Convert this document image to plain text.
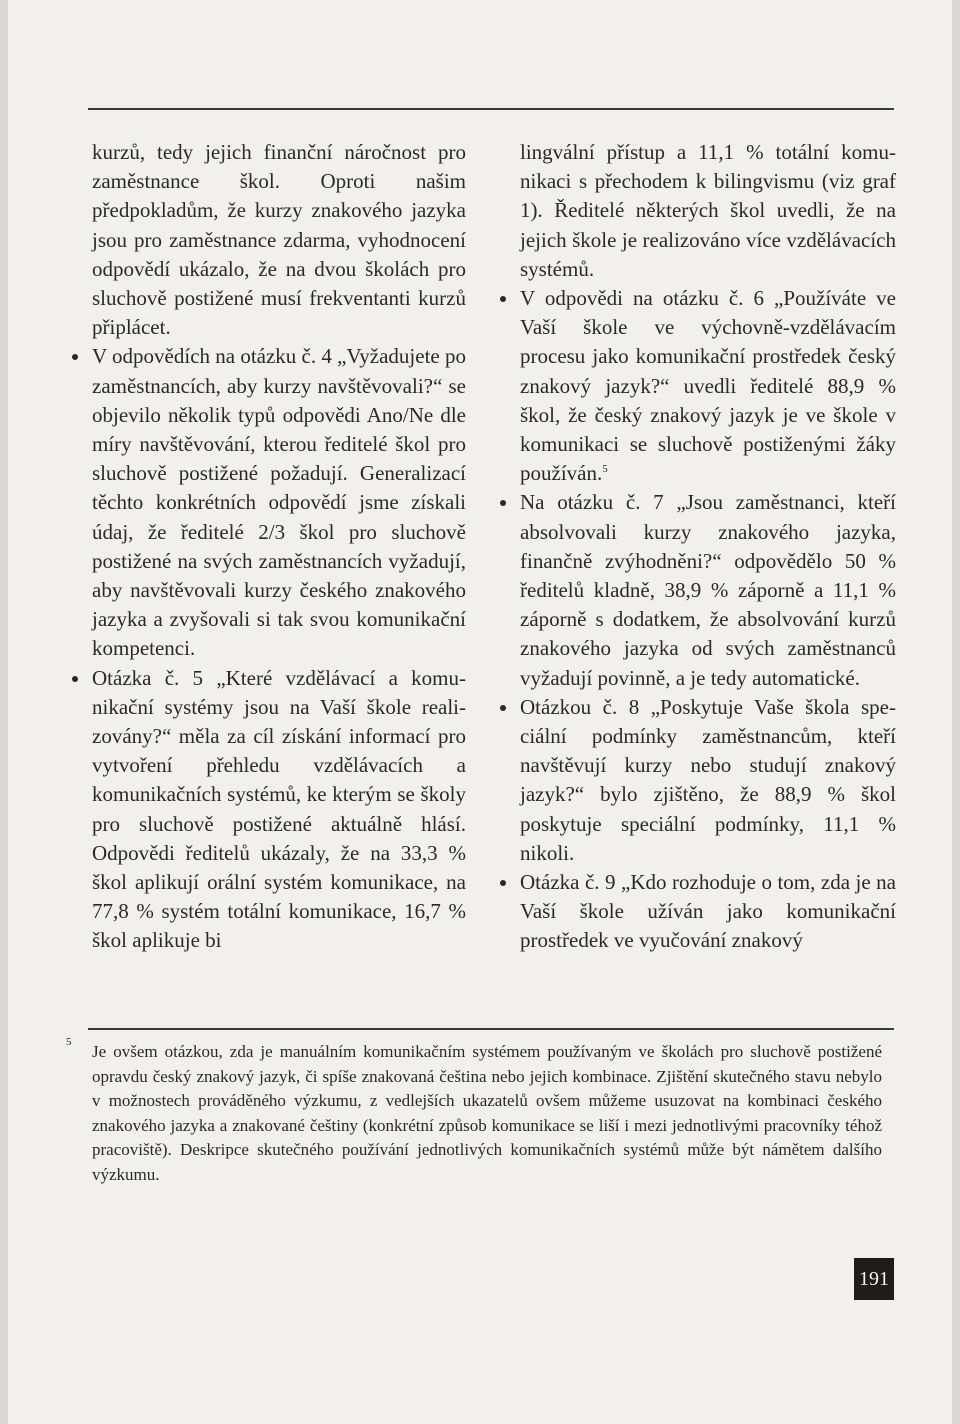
kurzů, tedy jejich finanční náročnost pro zaměstnance škol. Oproti našim předpokladům, že kurzy znakového jazyka jsou pro zaměstnance zdarma, vyhodnocení odpovědí ukázalo, že na dvou školách pro sluchově postižené musí frekventanti kurzů připlácet.

V odpovědích na otázku č. 4 „Vyžadujete po zaměstnancích, aby kurzy navštěvovali?“ se objevilo několik typů odpovědi Ano/Ne dle míry navštěvování, kterou ředitelé škol pro sluchově postižené požadují. Generalizací těchto konkrétních odpovědí jsme získali údaj, že ředitelé 2/3 škol pro sluchově postižené na svých zaměstnancích vyžadují, aby navštěvovali kurzy českého znakového jazyka a zvyšovali si tak svou komunikační kompetenci.
Otázka č. 5 „Které vzdělávací a komunikační systémy jsou na Vaší škole realizovány?“ měla za cíl získání informací pro vytvoření přehledu vzdělávacích a komunikačních systémů, ke kterým se školy pro sluchově postižené aktuálně hlásí. Odpovědi ředitelů ukázaly, že na 33,3 % škol aplikují orální systém komunikace, na 77,8 % systém totální komunikace, 16,7 % škol aplikuje bi

lingvální přístup a 11,1 % totální komunikaci s přechodem k bilingvismu (viz graf 1). Ředitelé některých škol uvedli, že na jejich škole je realizováno více vzdělávacích systémů.

V odpovědi na otázku č. 6 „Používáte ve Vaší škole ve výchovně-vzdělávacím procesu jako komunikační prostředek český znakový jazyk?“ uvedli ředitelé 88,9 % škol, že český znakový jazyk je ve škole v komunikaci se sluchově postiženými žáky používán.$^5$
Na otázku č. 7 „Jsou zaměstnanci, kteří absolvovali kurzy znakového jazyka, finančně zvýhodněni?“ odpovědělo 50 % ředitelů kladně, 38,9 % záporně a 11,1 % záporně s dodatkem, že absolvování kurzů znakového jazyka od svých zaměstnanců vyžadují povinně, a je tedy automatické.
Otázkou č. 8 „Poskytuje Vaše škola speciální podmínky zaměstnancům, kteří navštěvují kurzy nebo studují znakový jazyk?“ bylo zjištěno, že 88,9 % škol poskytuje speciální podmínky, 11,1 % nikoli.
Otázka č. 9 „Kdo rozhoduje o tom, zda je na Vaší škole užíván jako komunikační prostředek ve vyučování znakový
5 Je ovšem otázkou, zda je manuálním komunikačním systémem používaným ve školách pro sluchově postižené opravdu český znakový jazyk, či spíše znakovaná čeština nebo jejich kombinace. Zjištění skutečného stavu nebylo v možnostech prováděného výzkumu, z vedlejších ukazatelů ovšem můžeme usuzovat na kombinaci českého znakového jazyka a znakované češtiny (konkrétní způsob komunikace se liší i mezi jednotlivými pracovníky téhož pracoviště). Deskripce skutečného používání jednotlivých komunikačních systémů může být námětem dalšího výzkumu.
191
